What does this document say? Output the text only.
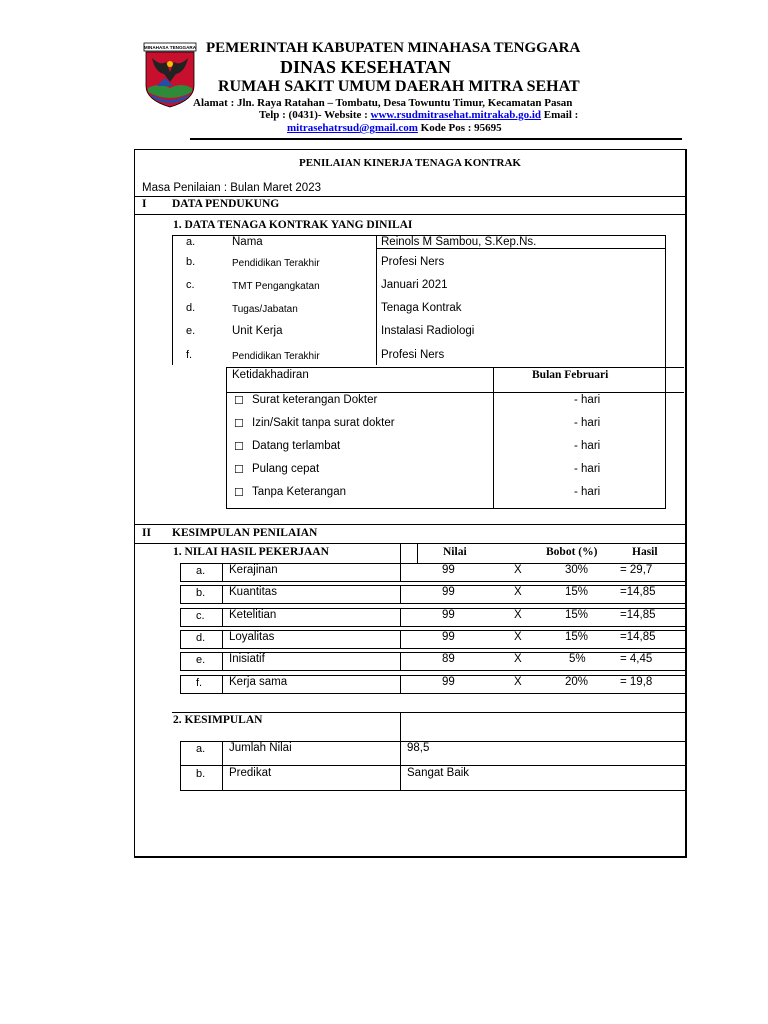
MINAHASA TENGGARA PEMERINTAH KABUPATEN MINAHASA TENGGARA
DINAS KESEHATAN
RUMAH SAKIT UMUM DAERAH MITRA SEHAT
Alamat : Jln. Raya Ratahan – Tombatu, Desa Towuntu Timur, Kecamatan Pasan
Telp : (0431)- Website : www.rsudmitrasehat.mitrakab.go.id Email :
mitrasehatrsud@gmail.com Kode Pos : 95695
PENILAIAN KINERJA TENAGA KONTRAK
Masa Penilaian : Bulan Maret 2023
I DATA PENDUKUNG
1. DATA TENAGA KONTRAK YANG DINILAI
a.	Nama	Reinols M Sambou, S.Kep.Ns.
b.	Pendidikan Terakhir	Profesi Ners
c.	TMT Pengangkatan	Januari 2021
d.	Tugas/Jabatan	Tenaga Kontrak
e.	Unit Kerja	Instalasi Radiologi
f.	Pendidikan Terakhir	Profesi Ners
Ketidakhadiran	Bulan Februari
☐ Surat keterangan Dokter	- hari
☐ Izin/Sakit tanpa surat dokter	- hari
☐ Datang terlambat	- hari
☐ Pulang cepat	- hari
☐ Tanpa Keterangan	- hari
II KESIMPULAN PENILAIAN
1. NILAI HASIL PEKERJAAN	Nilai	Bobot (%)	Hasil
a. Kerajinan	99	X	30%	= 29,7
b. Kuantitas	99	X	15%	=14,85
c. Ketelitian	99	X	15%	=14,85
d. Loyalitas	99	X	15%	=14,85
e. Inisiatif	89	X	5%	= 4,45
f. Kerja sama	99	X	20%	= 19,8
2. KESIMPULAN
a. Jumlah Nilai	98,5
b. Predikat	Sangat Baik
